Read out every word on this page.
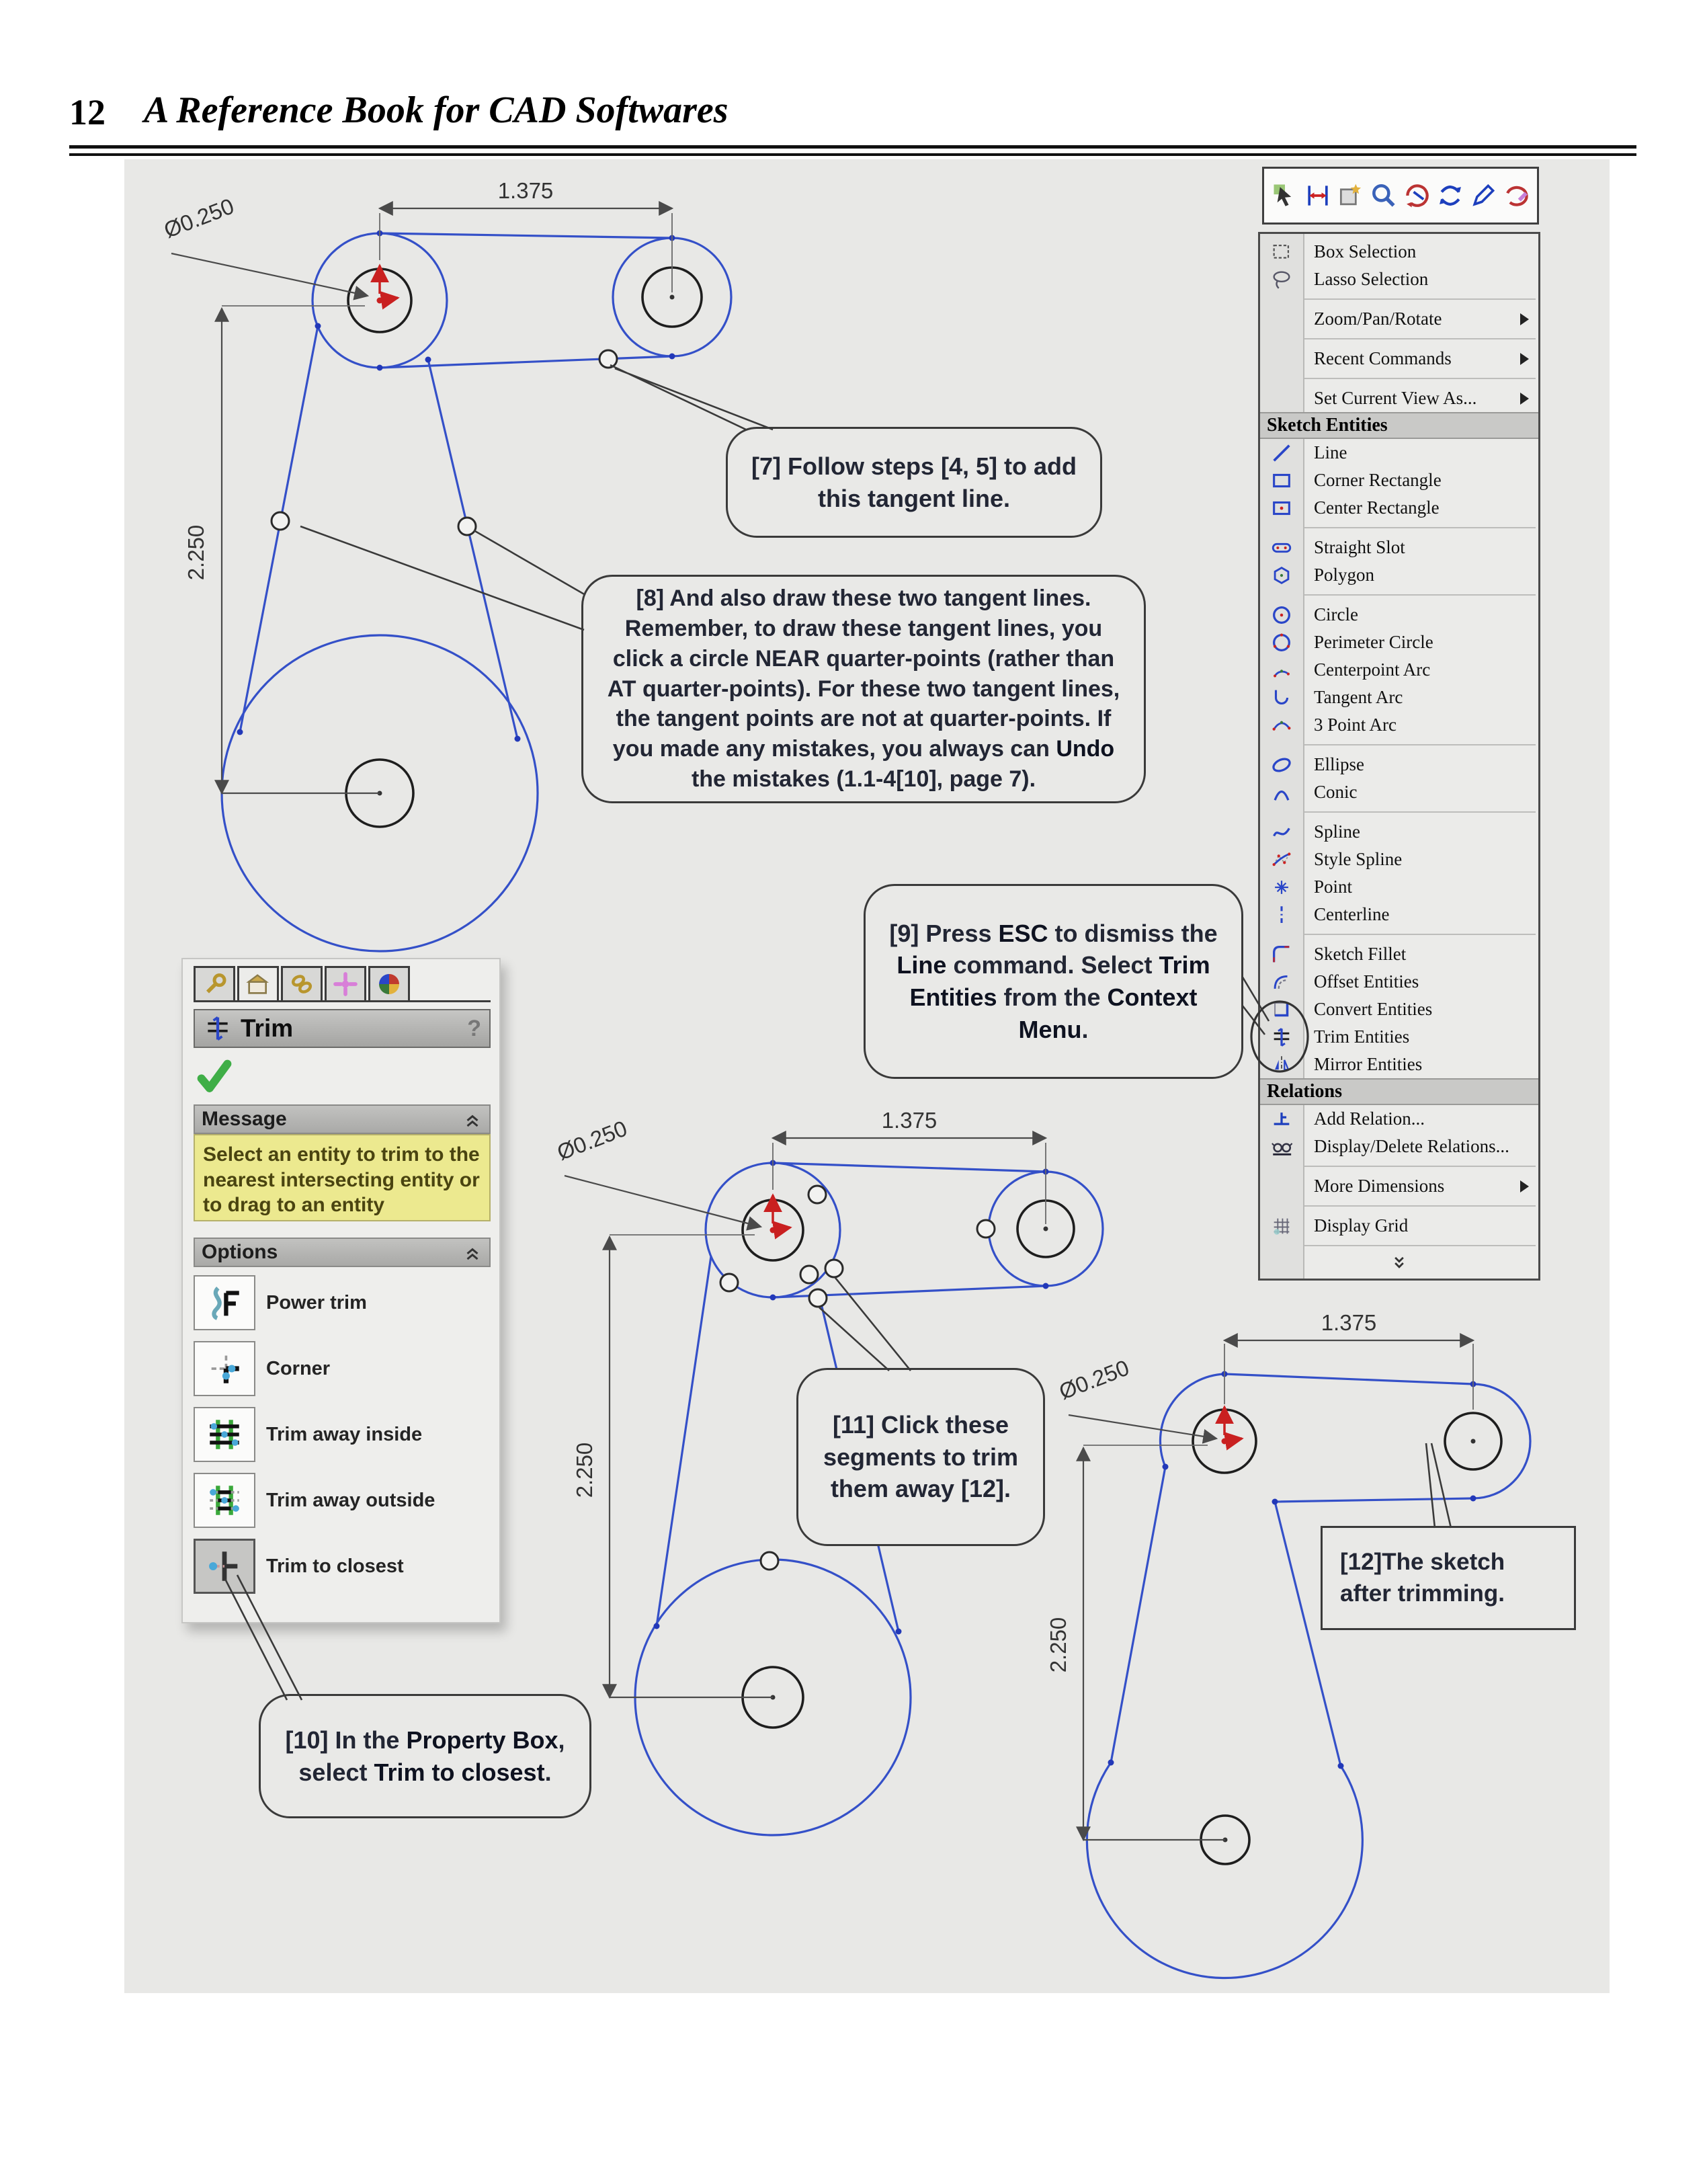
12 A Reference Book for CAD Softwares
1.375
Ø0.250
2.250
1.375
Ø0.250
2.250
1.375
Ø0.250
2.250
[7] Follow steps [4, 5] to add this tangent line.
[8] And also draw these two tangent lines. Remember, to draw these tangent lines, you click a circle NEAR quarter-points (rather than AT quarter-points). For these two tangent lines, the tangent points are not at quarter-points. If you made any mistakes, you always can Undo the mistakes (1.1-4[10], page 7).
[9] Press ESC to dismiss the Line command. Select Trim Entities from the Context Menu.
[10] In the Property Box, select Trim to closest.
[11] Click these segments to trim them away [12].
[12]The sketch after trimming.
Box Selection
Lasso Selection
Zoom/Pan/Rotate
Recent Commands
Set Current View As...
Sketch Entities
Line
Corner Rectangle
Center Rectangle
Straight Slot
Polygon
Circle
Perimeter Circle
Centerpoint Arc
Tangent Arc
3 Point Arc
Ellipse
Conic
Spline
Style Spline
Point
Centerline
Sketch Fillet
Offset Entities
Convert Entities
Trim Entities
Mirror Entities
Relations
Add Relation...
Display/Delete Relations...
More Dimensions
Display Grid
Trim	?
Message
Select an entity to trim to the nearest intersecting entity or to drag to an entity
Options
Power trim
Corner
Trim away inside
Trim away outside
Trim to closest
